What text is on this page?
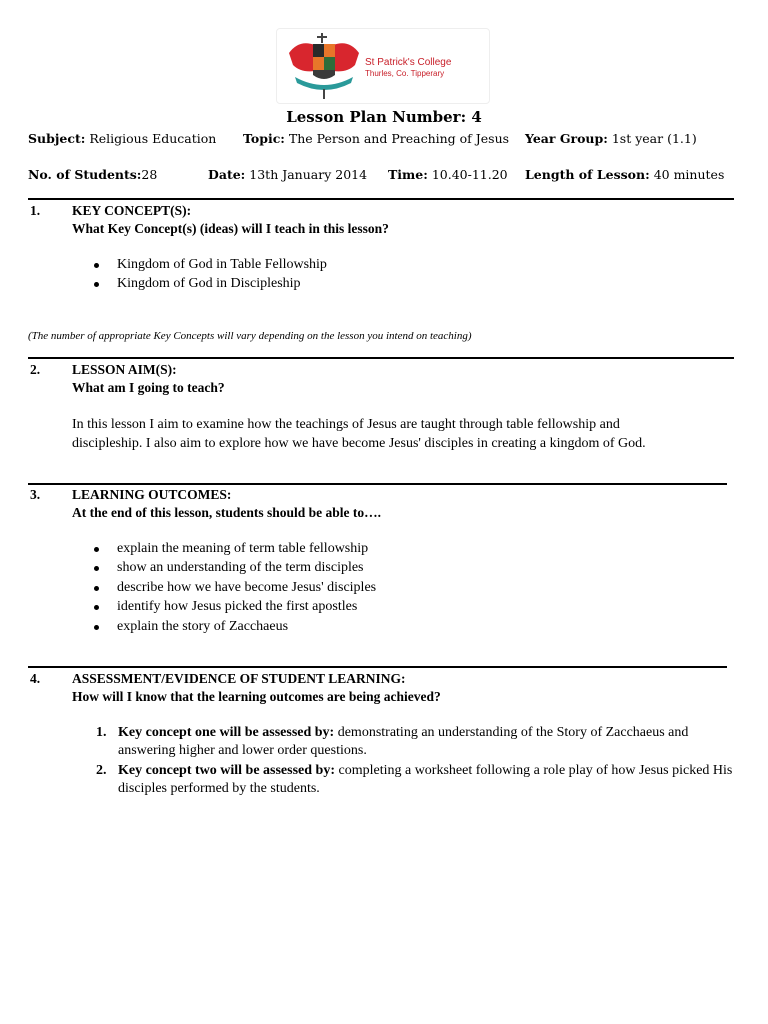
St Patrick's College
Thurles, Co. Tipperary
Lesson Plan Number: 4
Subject: Religious Education Topic: The Person and Preaching of Jesus Year Group: 1st year (1.1)
No. of Students:28	Date: 13th January 2014 Time: 10.40-11.20 Length of Lesson: 40 minutes
1. KEY CONCEPT(S):
What Key Concept(s) (ideas) will I teach in this lesson?
Kingdom of God in Table Fellowship
Kingdom of God in Discipleship
(The number of appropriate Key Concepts will vary depending on the lesson you intend on teaching)
2. LESSON AIM(S):
What am I going to teach?
In this lesson I aim to examine how the teachings of Jesus are taught through table fellowship and
discipleship. I also aim to explore how we have become Jesus' disciples in creating a kingdom of God.
3. LEARNING OUTCOMES:
At the end of this lesson, students should be able to….
explain the meaning of term table fellowship
show an understanding of the term disciples
describe how we have become Jesus' disciples
identify how Jesus picked the first apostles
explain the story of Zacchaeus
4. ASSESSMENT/EVIDENCE OF STUDENT LEARNING:
How will I know that the learning outcomes are being achieved?
1. Key concept one will be assessed by: demonstrating an understanding of the Story of Zacchaeus and answering higher and lower order questions.
2. Key concept two will be assessed by: completing a worksheet following a role play of how Jesus picked His disciples performed by the students.
